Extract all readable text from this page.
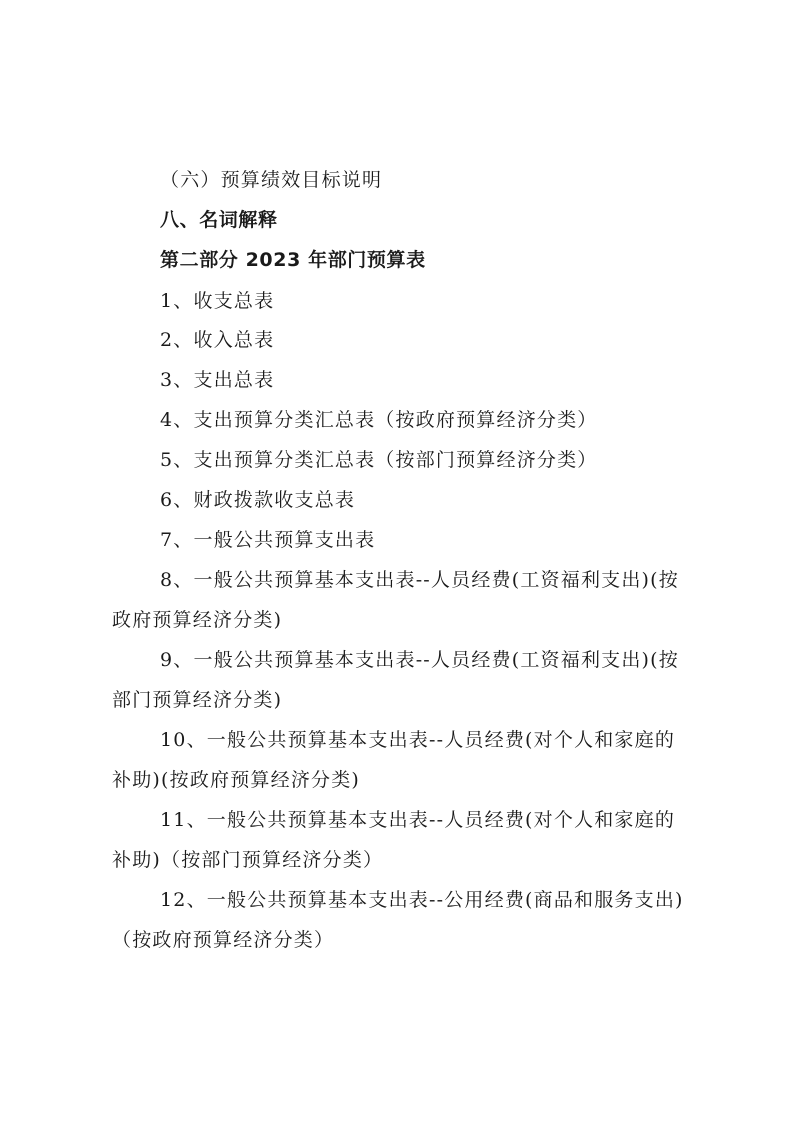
（六）预算绩效目标说明
八、名词解释
第二部分 2023 年部门预算表
1、收支总表
2、收入总表
3、支出总表
4、支出预算分类汇总表（按政府预算经济分类）
5、支出预算分类汇总表（按部门预算经济分类）
6、财政拨款收支总表
7、一般公共预算支出表
8、一般公共预算基本支出表--人员经费(工资福利支出)(按
政府预算经济分类)
9、一般公共预算基本支出表--人员经费(工资福利支出)(按
部门预算经济分类)
10、一般公共预算基本支出表--人员经费(对个人和家庭的
补助)(按政府预算经济分类)
11、一般公共预算基本支出表--人员经费(对个人和家庭的
补助)（按部门预算经济分类）
12、一般公共预算基本支出表--公用经费(商品和服务支出)
（按政府预算经济分类）
